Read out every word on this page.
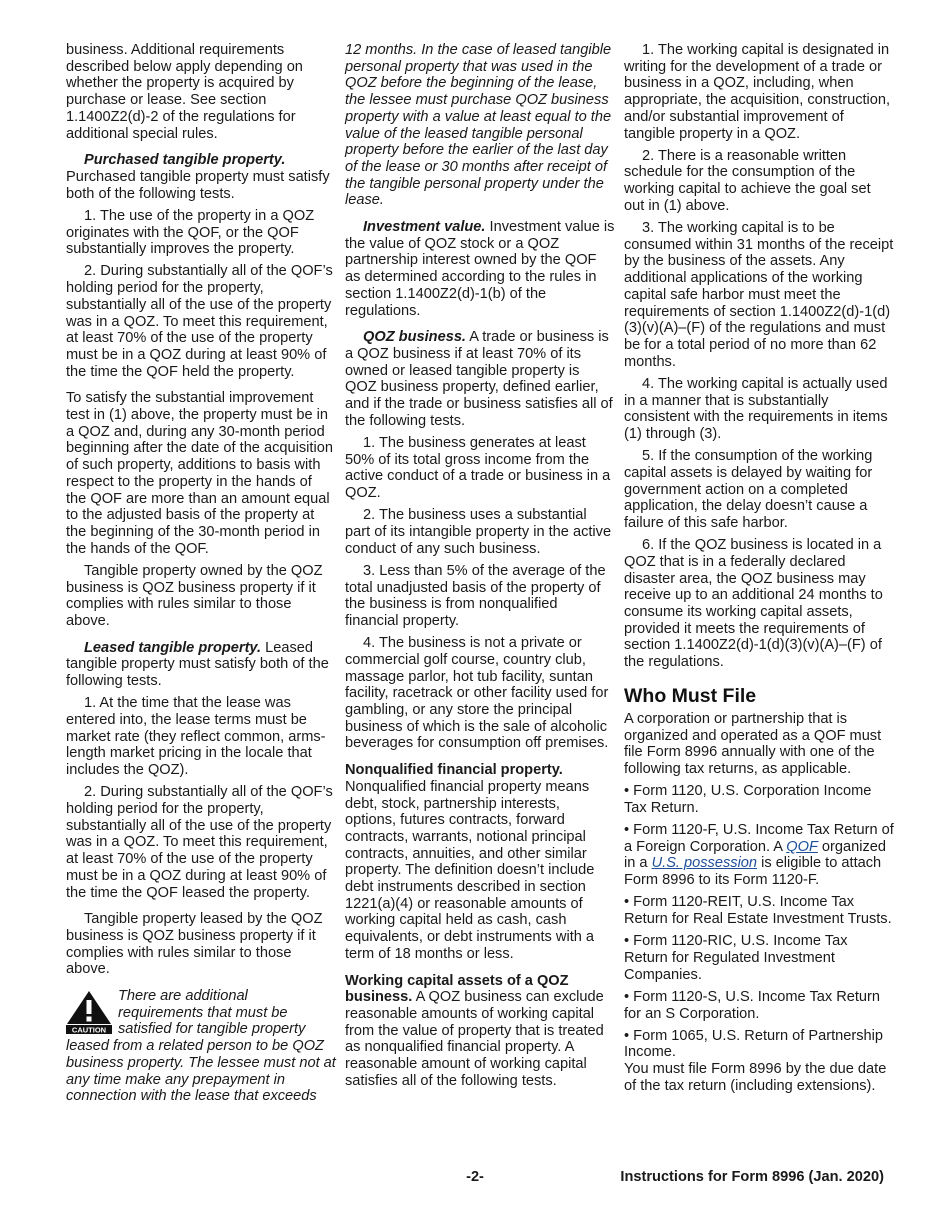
business. Additional requirements described below apply depending on whether the property is acquired by purchase or lease. See section 1.1400Z2(d)-2 of the regulations for additional special rules.

Purchased tangible property. Purchased tangible property must satisfy both of the following tests.

1. The use of the property in a QOZ originates with the QOF, or the QOF substantially improves the property.

2. During substantially all of the QOF’s holding period for the property, substantially all of the use of the property was in a QOZ. To meet this requirement, at least 70% of the use of the property must be in a QOZ during at least 90% of the time the QOF held the property.

To satisfy the substantial improvement test in (1) above, the property must be in a QOZ and, during any 30-month period beginning after the date of the acquisition of such property, additions to basis with respect to the property in the hands of the QOF are more than an amount equal to the adjusted basis of the property at the beginning of the 30-month period in the hands of the QOF.

Tangible property owned by the QOZ business is QOZ business property if it complies with rules similar to those above.

Leased tangible property. Leased tangible property must satisfy both of the following tests.

1. At the time that the lease was entered into, the lease terms must be market rate (they reflect common, arms-length market pricing in the locale that includes the QOZ).

2. During substantially all of the QOF’s holding period for the property, substantially all of the use of the property was in a QOZ. To meet this requirement, at least 70% of the use of the property must be in a QOZ during at least 90% of the time the QOF leased the property.

Tangible property leased by the QOZ business is QOZ business property if it complies with rules similar to those above.

CAUTION

There are additional requirements that must be satisfied for tangible property leased from a related person to be QOZ business property. The lessee must not at any time make any prepayment in connection with the lease that exceeds

12 months. In the case of leased tangible personal property that was used in the QOZ before the beginning of the lease, the lessee must purchase QOZ business property with a value at least equal to the value of the leased tangible personal property before the earlier of the last day of the lease or 30 months after receipt of the tangible personal property under the lease.

Investment value. Investment value is the value of QOZ stock or a QOZ partnership interest owned by the QOF as determined according to the rules in section 1.1400Z2(d)-1(b) of the regulations.

QOZ business. A trade or business is a QOZ business if at least 70% of its owned or leased tangible property is QOZ business property, defined earlier, and if the trade or business satisfies all of the following tests.

1. The business generates at least 50% of its total gross income from the active conduct of a trade or business in a QOZ.

2. The business uses a substantial part of its intangible property in the active conduct of any such business.

3. Less than 5% of the average of the total unadjusted basis of the property of the business is from nonqualified financial property.

4. The business is not a private or commercial golf course, country club, massage parlor, hot tub facility, suntan facility, racetrack or other facility used for gambling, or any store the principal business of which is the sale of alcoholic beverages for consumption off premises.

Nonqualified financial property.
Nonqualified financial property means debt, stock, partnership interests, options, futures contracts, forward contracts, warrants, notional principal contracts, annuities, and other similar property. The definition doesn’t include debt instruments described in section 1221(a)(4) or reasonable amounts of working capital held as cash, cash equivalents, or debt instruments with a term of 18 months or less.

Working capital assets of a QOZ business. A QOZ business can exclude reasonable amounts of working capital from the value of property that is treated as nonqualified financial property. A reasonable amount of working capital satisfies all of the following tests.

1. The working capital is designated in writing for the development of a trade or business in a QOZ, including, when appropriate, the acquisition, construction, and/or substantial improvement of tangible property in a QOZ.

2. There is a reasonable written schedule for the consumption of the working capital to achieve the goal set out in (1) above.

3. The working capital is to be consumed within 31 months of the receipt by the business of the assets. Any additional applications of the working capital safe harbor must meet the requirements of section 1.1400Z2(d)-1(d)(3)(v)(A)–(F) of the regulations and must be for a total period of no more than 62 months.

4. The working capital is actually used in a manner that is substantially consistent with the requirements in items (1) through (3).

5. If the consumption of the working capital assets is delayed by waiting for government action on a completed application, the delay doesn’t cause a failure of this safe harbor.

6. If the QOZ business is located in a QOZ that is in a federally declared disaster area, the QOZ business may receive up to an additional 24 months to consume its working capital assets, provided it meets the requirements of section 1.1400Z2(d)-1(d)(3)(v)(A)–(F) of the regulations.

Who Must File

A corporation or partnership that is organized and operated as a QOF must file Form 8996 annually with one of the following tax returns, as applicable.

• Form 1120, U.S. Corporation Income Tax Return.

• Form 1120-F, U.S. Income Tax Return of a Foreign Corporation. A QOF organized in a U.S. possession is eligible to attach Form 8996 to its Form 1120-F.

• Form 1120-REIT, U.S. Income Tax Return for Real Estate Investment Trusts.

• Form 1120-RIC, U.S. Income Tax Return for Regulated Investment Companies.

• Form 1120-S, U.S. Income Tax Return for an S Corporation.

• Form 1065, U.S. Return of Partnership Income.

You must file Form 8996 by the due date of the tax return (including extensions).

-2-	Instructions for Form 8996 (Jan. 2020)
